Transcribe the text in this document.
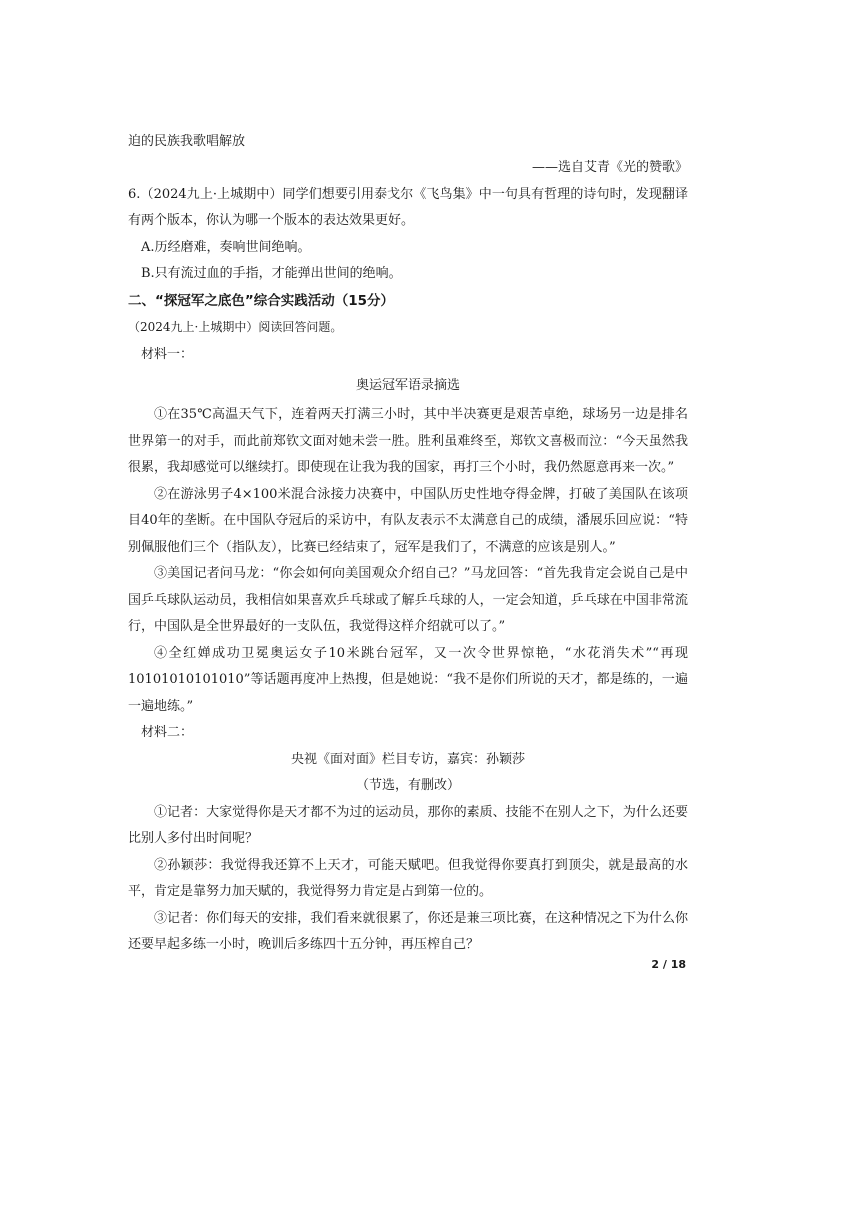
迫的民族我歌唱解放

——选自艾青《光的赞歌》

6.（2024九上·上城期中）同学们想要引用泰戈尔《飞鸟集》中一句具有哲理的诗句时，发现翻译有两个版本，你认为哪一个版本的表达效果更好。

A.历经磨难，奏响世间绝响。

B.只有流过血的手指，才能弹出世间的绝响。

二、“探冠军之底色”综合实践活动（15分）

（2024九上·上城期中）阅读回答问题。

材料一：

奥运冠军语录摘选

①在35℃高温天气下，连着两天打满三小时，其中半决赛更是艰苦卓绝，球场另一边是排名世界第一的对手，而此前郑钦文面对她未尝一胜。胜利虽难终至，郑钦文喜极而泣：“今天虽然我很累，我却感觉可以继续打。即使现在让我为我的国家，再打三个小时，我仍然愿意再来一次。”

②在游泳男子4×100米混合泳接力决赛中，中国队历史性地夺得金牌，打破了美国队在该项目40年的垄断。在中国队夺冠后的采访中，有队友表示不太满意自己的成绩，潘展乐回应说：“特别佩服他们三个（指队友），比赛已经结束了，冠军是我们了，不满意的应该是别人。”

③美国记者问马龙：“你会如何向美国观众介绍自己？”马龙回答：“首先我肯定会说自己是中国乒乓球队运动员，我相信如果喜欢乒乓球或了解乒乓球的人，一定会知道，乒乓球在中国非常流行，中国队是全世界最好的一支队伍，我觉得这样介绍就可以了。”

④全红婵成功卫冕奥运女子10米跳台冠军，又一次令世界惊艳，“水花消失术”“再现10101010101010”等话题再度冲上热搜，但是她说：“我不是你们所说的天才，都是练的，一遍一遍地练。”

材料二：

央视《面对面》栏目专访，嘉宾：孙颖莎

（节选，有删改）

①记者：大家觉得你是天才都不为过的运动员，那你的素质、技能不在别人之下，为什么还要比别人多付出时间呢？

②孙颖莎：我觉得我还算不上天才，可能天赋吧。但我觉得你要真打到顶尖，就是最高的水平，肯定是靠努力加天赋的，我觉得努力肯定是占到第一位的。

③记者：你们每天的安排，我们看来就很累了，你还是兼三项比赛，在这种情况之下为什么你还要早起多练一小时，晚训后多练四十五分钟，再压榨自己？

2 / 18
